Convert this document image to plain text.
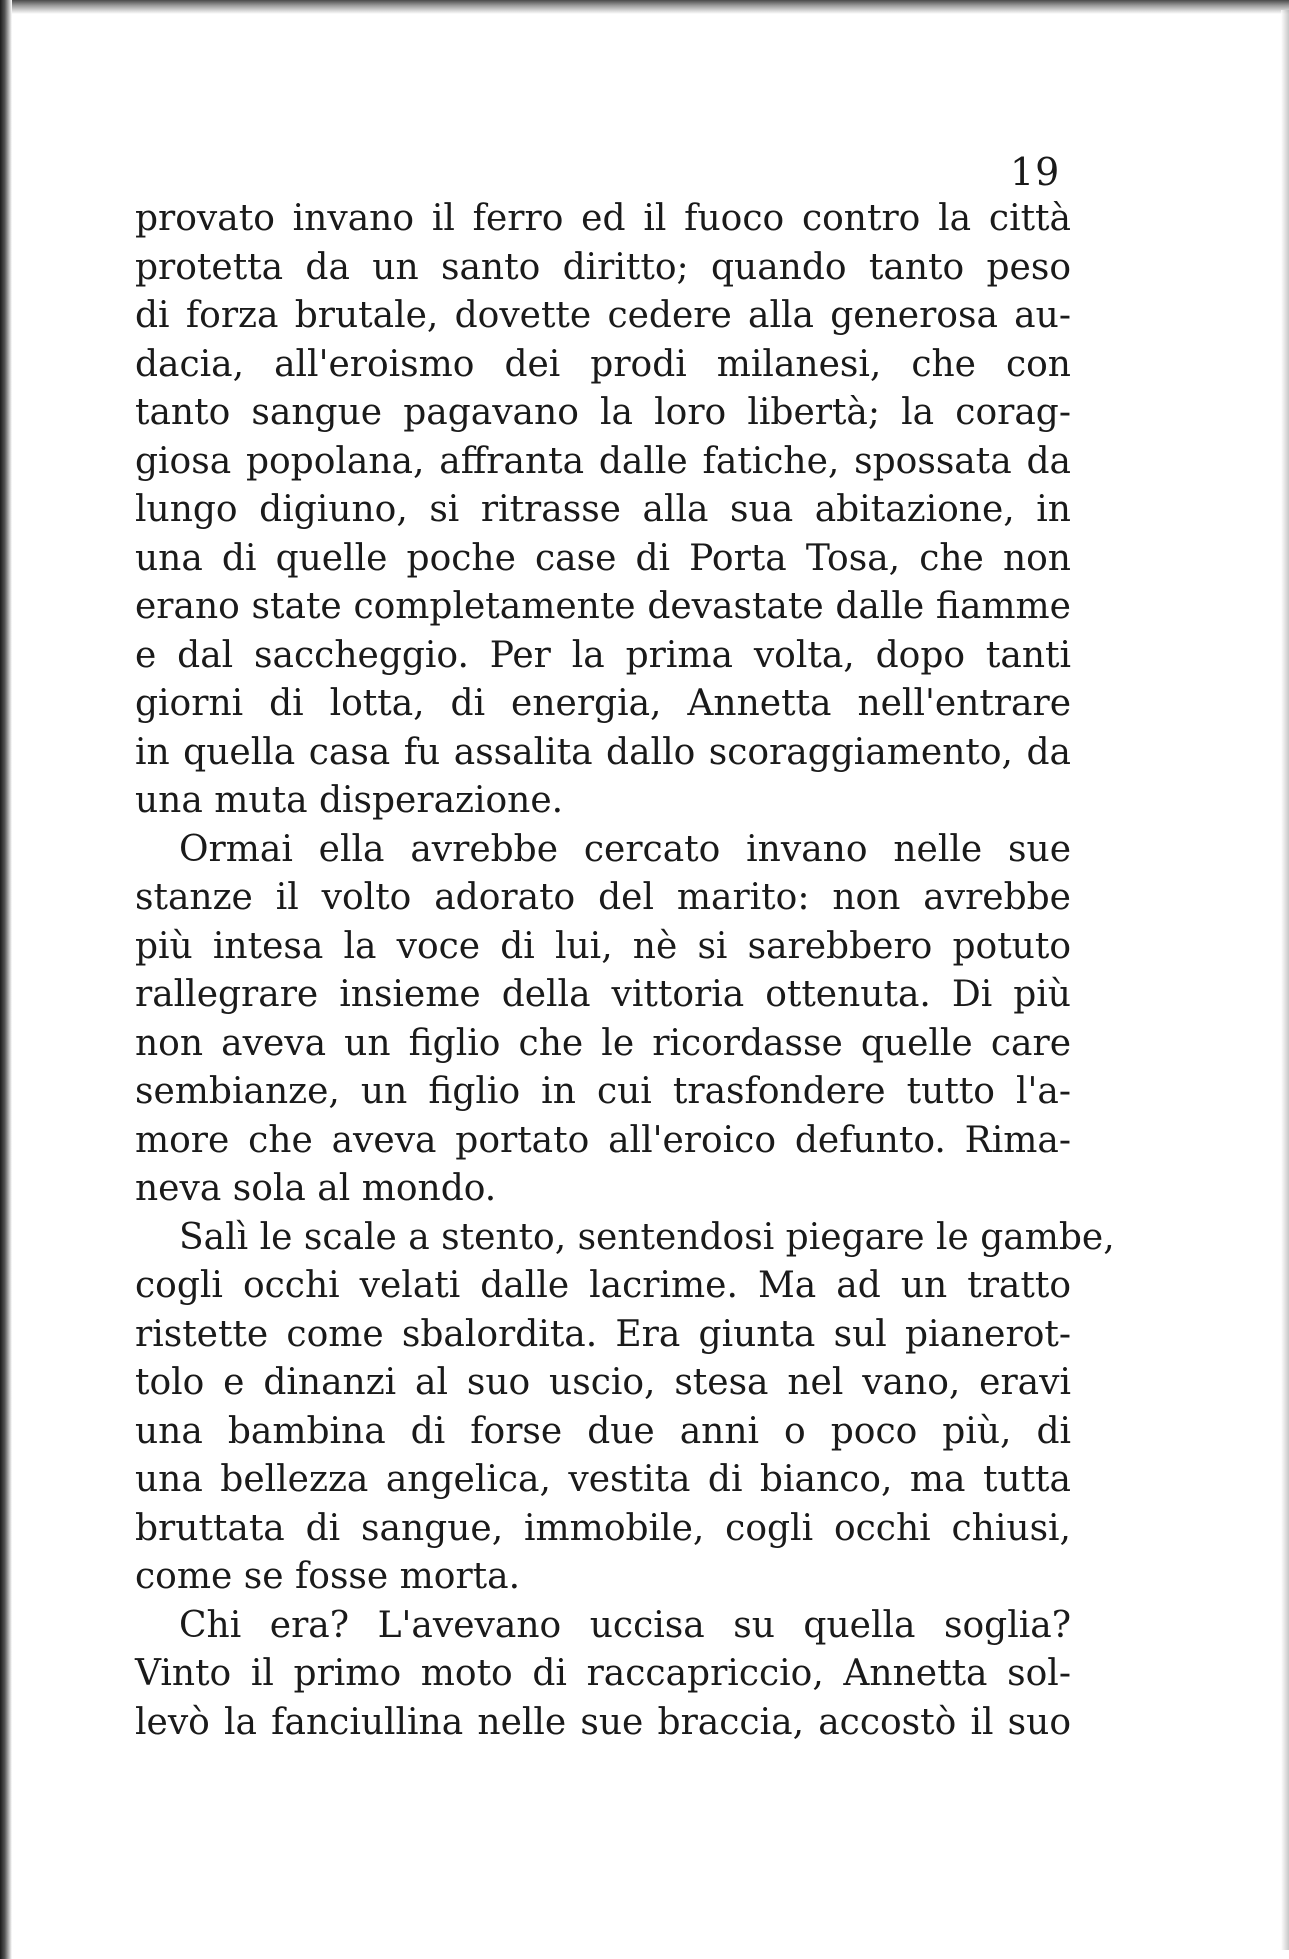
19
provato invano il ferro ed il fuoco contro la città
protetta da un santo diritto; quando tanto peso
di forza brutale, dovette cedere alla generosa au-
dacia, all'eroismo dei prodi milanesi, che con
tanto sangue pagavano la loro libertà; la corag-
giosa popolana, affranta dalle fatiche, spossata da
lungo digiuno, si ritrasse alla sua abitazione, in
una di quelle poche case di Porta Tosa, che non
erano state completamente devastate dalle fiamme
e dal saccheggio. Per la prima volta, dopo tanti
giorni di lotta, di energia, Annetta nell'entrare
in quella casa fu assalita dallo scoraggiamento, da
una muta disperazione.
Ormai ella avrebbe cercato invano nelle sue
stanze il volto adorato del marito: non avrebbe
più intesa la voce di lui, nè si sarebbero potuto
rallegrare insieme della vittoria ottenuta. Di più
non aveva un figlio che le ricordasse quelle care
sembianze, un figlio in cui trasfondere tutto l'a-
more che aveva portato all'eroico defunto. Rima-
neva sola al mondo.
Salì le scale a stento, sentendosi piegare le gambe,
cogli occhi velati dalle lacrime. Ma ad un tratto
ristette come sbalordita. Era giunta sul pianerot-
tolo e dinanzi al suo uscio, stesa nel vano, eravi
una bambina di forse due anni o poco più, di
una bellezza angelica, vestita di bianco, ma tutta
bruttata di sangue, immobile, cogli occhi chiusi,
come se fosse morta.
Chi era? L'avevano uccisa su quella soglia?
Vinto il primo moto di raccapriccio, Annetta sol-
levò la fanciullina nelle sue braccia, accostò il suo
